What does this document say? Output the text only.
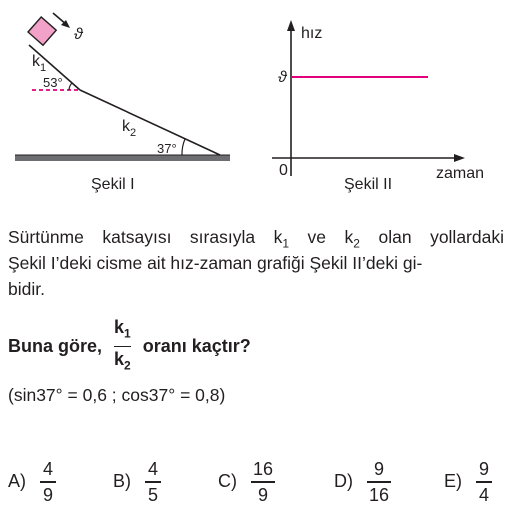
ϑ
$k_1$
53°
$k_2$
37°
Şekil I
hız
ϑ
0	zaman
Şekil II
Sürtünme katsayısı sırasıyla $k_1$ ve $k_2$ olan yollardaki
Şekil I’deki cisme ait hız-zaman grafiği Şekil II’deki gi-
bidir.
Buna göre, $\frac{k_1}{k_2}$ oranı kaçtır?
(sin37° = 0,6 ; cos37° = 0,8)
$A) \frac{4}{9}$	$B) \frac{4}{5}$	$C) \frac{16}{9}$	$D) \frac{9}{16}$	$E) \frac{9}{4}$
